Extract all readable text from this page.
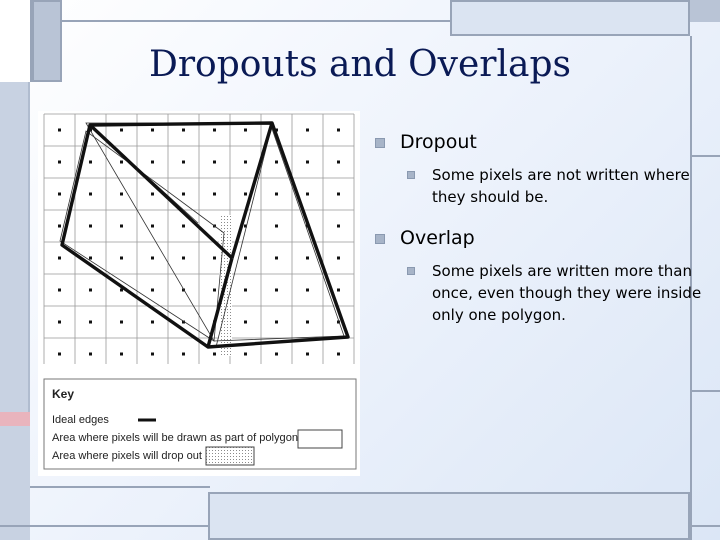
Dropouts and Overlaps
Key
Ideal edges
Area where pixels will be drawn as part of polygon
Area where pixels will drop out
Dropout
Some pixels are not written where they should be.
Overlap
Some pixels are written more than once, even though they were inside only one polygon.
